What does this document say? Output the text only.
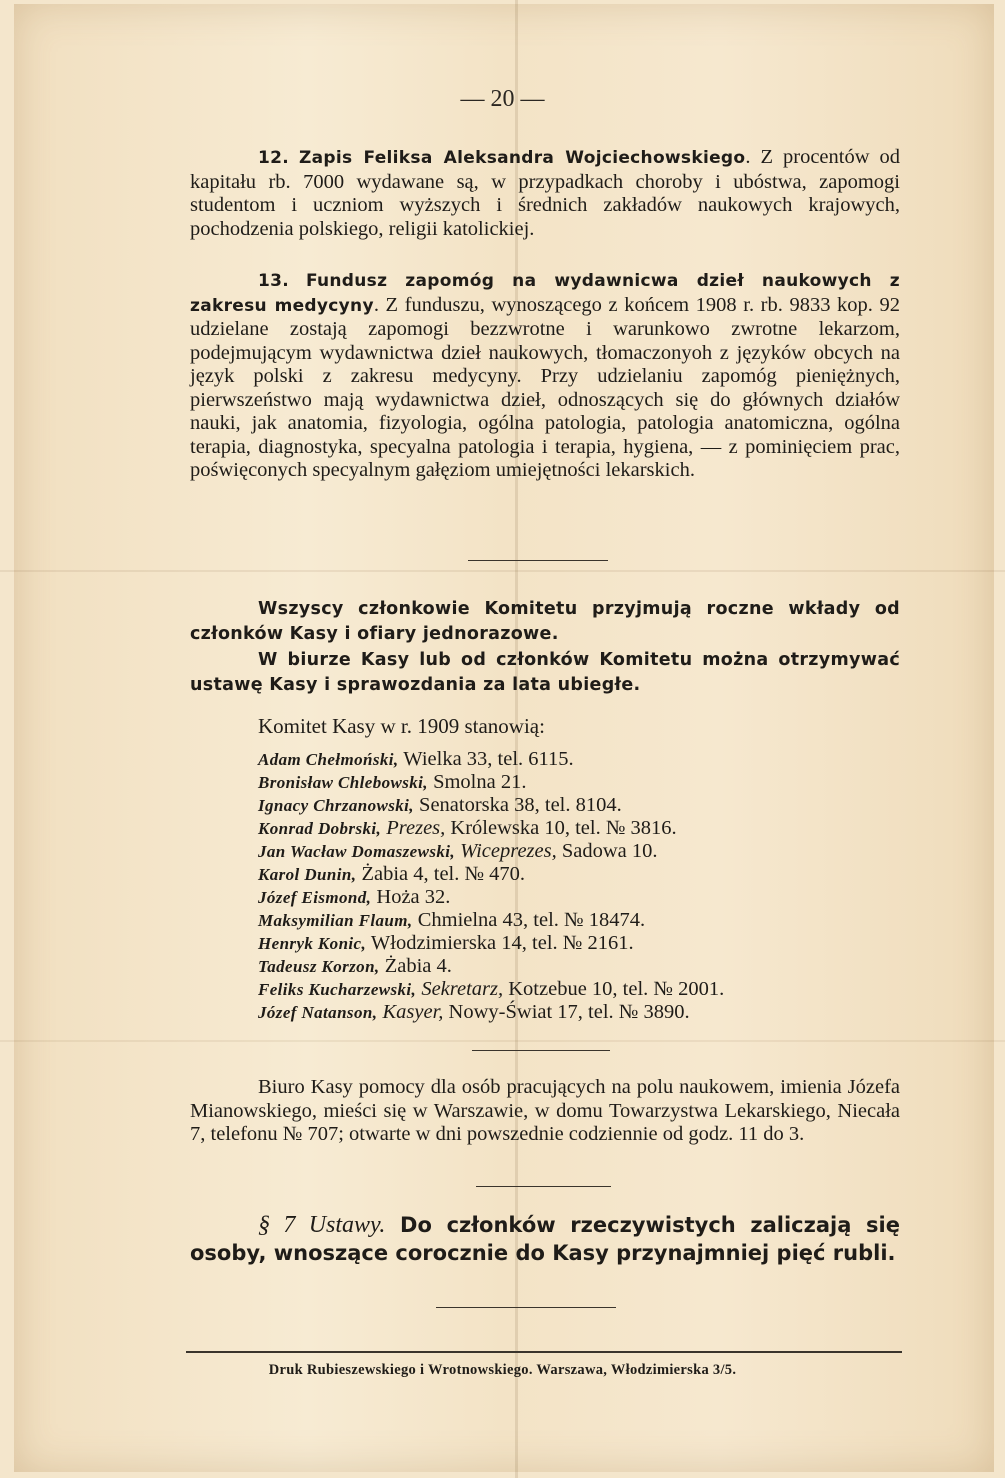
— 20 —
12. Zapis Feliksa Aleksandra Wojciechowskiego. Z procentów od kapitału rb. 7000 wydawane są, w przypadkach choroby i ubóstwa, zapomogi studentom i uczniom wyższych i średnich zakładów naukowych krajowych, pochodzenia polskiego, religii katolickiej.
13. Fundusz zapomóg na wydawnicwa dzieł naukowych z zakresu medycyny. Z funduszu, wynoszącego z końcem 1908 r. rb. 9833 kop. 92 udzielane zostają zapomogi bezzwrotne i warunkowo zwrotne lekarzom, podejmującym wydawnictwa dzieł naukowych, tłomaczonyoh z języków obcych na język polski z zakresu medycyny. Przy udzielaniu zapomóg pieniężnych, pierwszeństwo mają wydawnictwa dzieł, odnoszących się do głównych działów nauki, jak anatomia, fizyologia, ogólna patologia, patologia anatomiczna, ogólna terapia, diagnostyka, specyalna patologia i terapia, hygiena, — z pominięciem prac, poświęconych specyalnym gałęziom umiejętności lekarskich.
Wszyscy członkowie Komitetu przyjmują roczne wkłady od członków Kasy i ofiary jednorazowe.
W biurze Kasy lub od członków Komitetu można otrzymywać ustawę Kasy i sprawozdania za lata ubiegłe.
Komitet Kasy w r. 1909 stanowią:
Adam Chełmoński, Wielka 33, tel. 6115.
Bronisław Chlebowski, Smolna 21.
Ignacy Chrzanowski, Senatorska 38, tel. 8104.
Konrad Dobrski, Prezes, Królewska 10, tel. № 3816.
Jan Wacław Domaszewski, Wiceprezes, Sadowa 10.
Karol Dunin, Żabia 4, tel. № 470.
Józef Eismond, Hoża 32.
Maksymilian Flaum, Chmielna 43, tel. № 18474.
Henryk Konic, Włodzimierska 14, tel. № 2161.
Tadeusz Korzon, Żabia 4.
Feliks Kucharzewski, Sekretarz, Kotzebue 10, tel. № 2001.
Józef Natanson, Kasyer, Nowy-Świat 17, tel. № 3890.
Biuro Kasy pomocy dla osób pracujących na polu naukowem, imienia Józefa Mianowskiego, mieści się w Warszawie, w domu Towarzystwa Lekarskiego, Niecała 7, telefonu № 707; otwarte w dni powszednie codziennie od godz. 11 do 3.
§ 7 Ustawy. Do członków rzeczywistych zaliczają się osoby, wnoszące corocznie do Kasy przynajmniej pięć rubli.
Druk Rubieszewskiego i Wrotnowskiego. Warszawa, Włodzimierska 3/5.
